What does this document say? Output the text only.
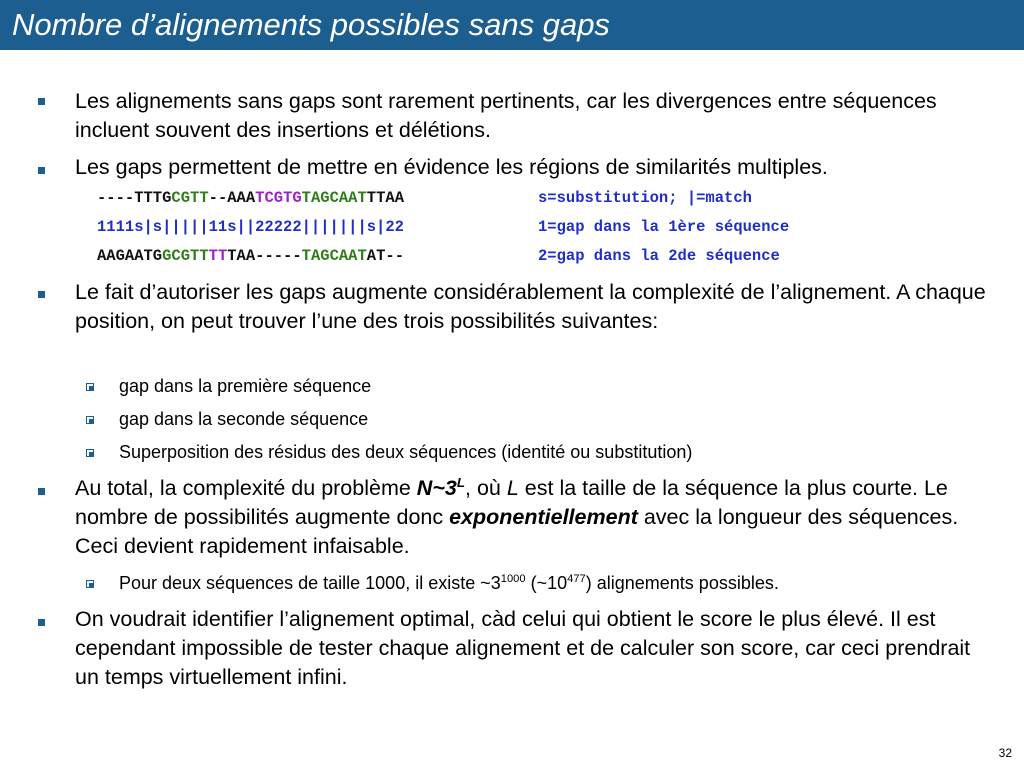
Nombre d’alignements possibles sans gaps
Les alignements sans gaps sont rarement pertinents, car les divergences entre séquences incluent souvent des insertions et délétions.
Les gaps permettent de mettre en évidence les régions de similarités multiples.
----TTTGCGTT--AAATCGTGTAGCAATTTAA
1111s|s|||||11s||22222|||||||s|22
AAGAATGGCGTTTTTAA-----TAGCAATAT--
s=substitution; |=match
1=gap dans la 1ère séquence
2=gap dans la 2de séquence
Le fait d’autoriser les gaps augmente considérablement la complexité de l’alignement. A chaque position, on peut trouver l’une des trois possibilités suivantes:
gap dans la première séquence
gap dans la seconde séquence
Superposition des résidus des deux séquences (identité ou substitution)
Au total, la complexité du problème $N\sim 3^L$, où L est la taille de la séquence la plus courte. Le nombre de possibilités augmente donc exponentiellement avec la longueur des séquences. Ceci devient rapidement infaisable.
Pour deux séquences de taille 1000, il existe $\sim 3^{1000}$ $(\sim 10^{477})$ alignements possibles.
On voudrait identifier l’alignement optimal, càd celui qui obtient le score le plus élevé. Il est cependant impossible de tester chaque alignement et de calculer son score, car ceci prendrait un temps virtuellement infini.
32
